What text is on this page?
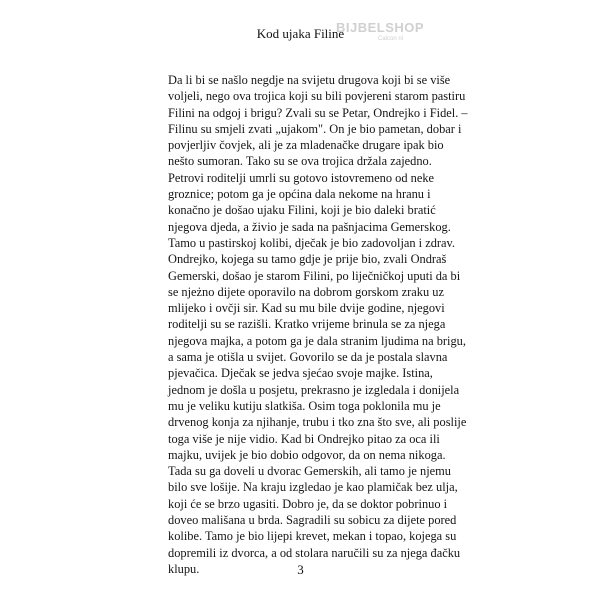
Kod ujaka Filine
BIJBELSHOP
Calcon nl

Da li bi se našlo negdje na svijetu drugova koji bi se više
voljeli, nego ova trojica koji su bili povjereni starom pastiru
Filini na odgoj i brigu? Zvali su se Petar, Ondrejko i Fidel. –
Filinu su smjeli zvati „ujakom". On je bio pametan, dobar i
povjerljiv čovjek, ali je za mladenačke drugare ipak bio
nešto sumoran. Tako su se ova trojica držala zajedno.

Petrovi roditelji umrli su gotovo istovremeno od neke
groznice; potom ga je općina dala nekome na hranu i
konačno je došao ujaku Filini, koji je bio daleki bratić
njegova djeda, a živio je sada na pašnjacima Gemerskog.
Tamo u pastirskoj kolibi, dječak je bio zadovoljan i zdrav.

Ondrejko, kojega su tamo gdje je prije bio, zvali Ondraš
Gemerski, došao je starom Filini, po liječničkoj uputi da bi
se njeżno dijete oporavilo na dobrom gorskom zraku uz
mlijeko i ovčji sir. Kad su mu bile dvije godine, njegovi
roditelji su se razišli. Kratko vrijeme brinula se za njega
njegova majka, a potom ga je dala stranim ljudima na brigu,
a sama je otišla u svijet. Govorilo se da je postala slavna
pjevačica. Dječak se jedva sjećao svoje majke. Istina,
jednom je došla u posjetu, prekrasno je izgledala i donijela
mu je veliku kutiju slatkiša. Osim toga poklonila mu je
drvenog konja za njihanje, trubu i tko zna što sve, ali poslije
toga više je nije vidio. Kad bi Ondrejko pitao za oca ili
majku, uvijek je bio dobio odgovor, da on nema nikoga.
Tada su ga doveli u dvorac Gemerskih, ali tamo je njemu
bilo sve lošije. Na kraju izgledao je kao plamičak bez ulja,
koji će se brzo ugasiti. Dobro je, da se doktor pobrinuo i
doveo mališana u brda. Sagradili su sobicu za dijete pored
kolibe. Tamo je bio lijepi krevet, mekan i topao, kojega su
dopremili iz dvorca, a od stolara naručili su za njega đačku
klupu.	3
